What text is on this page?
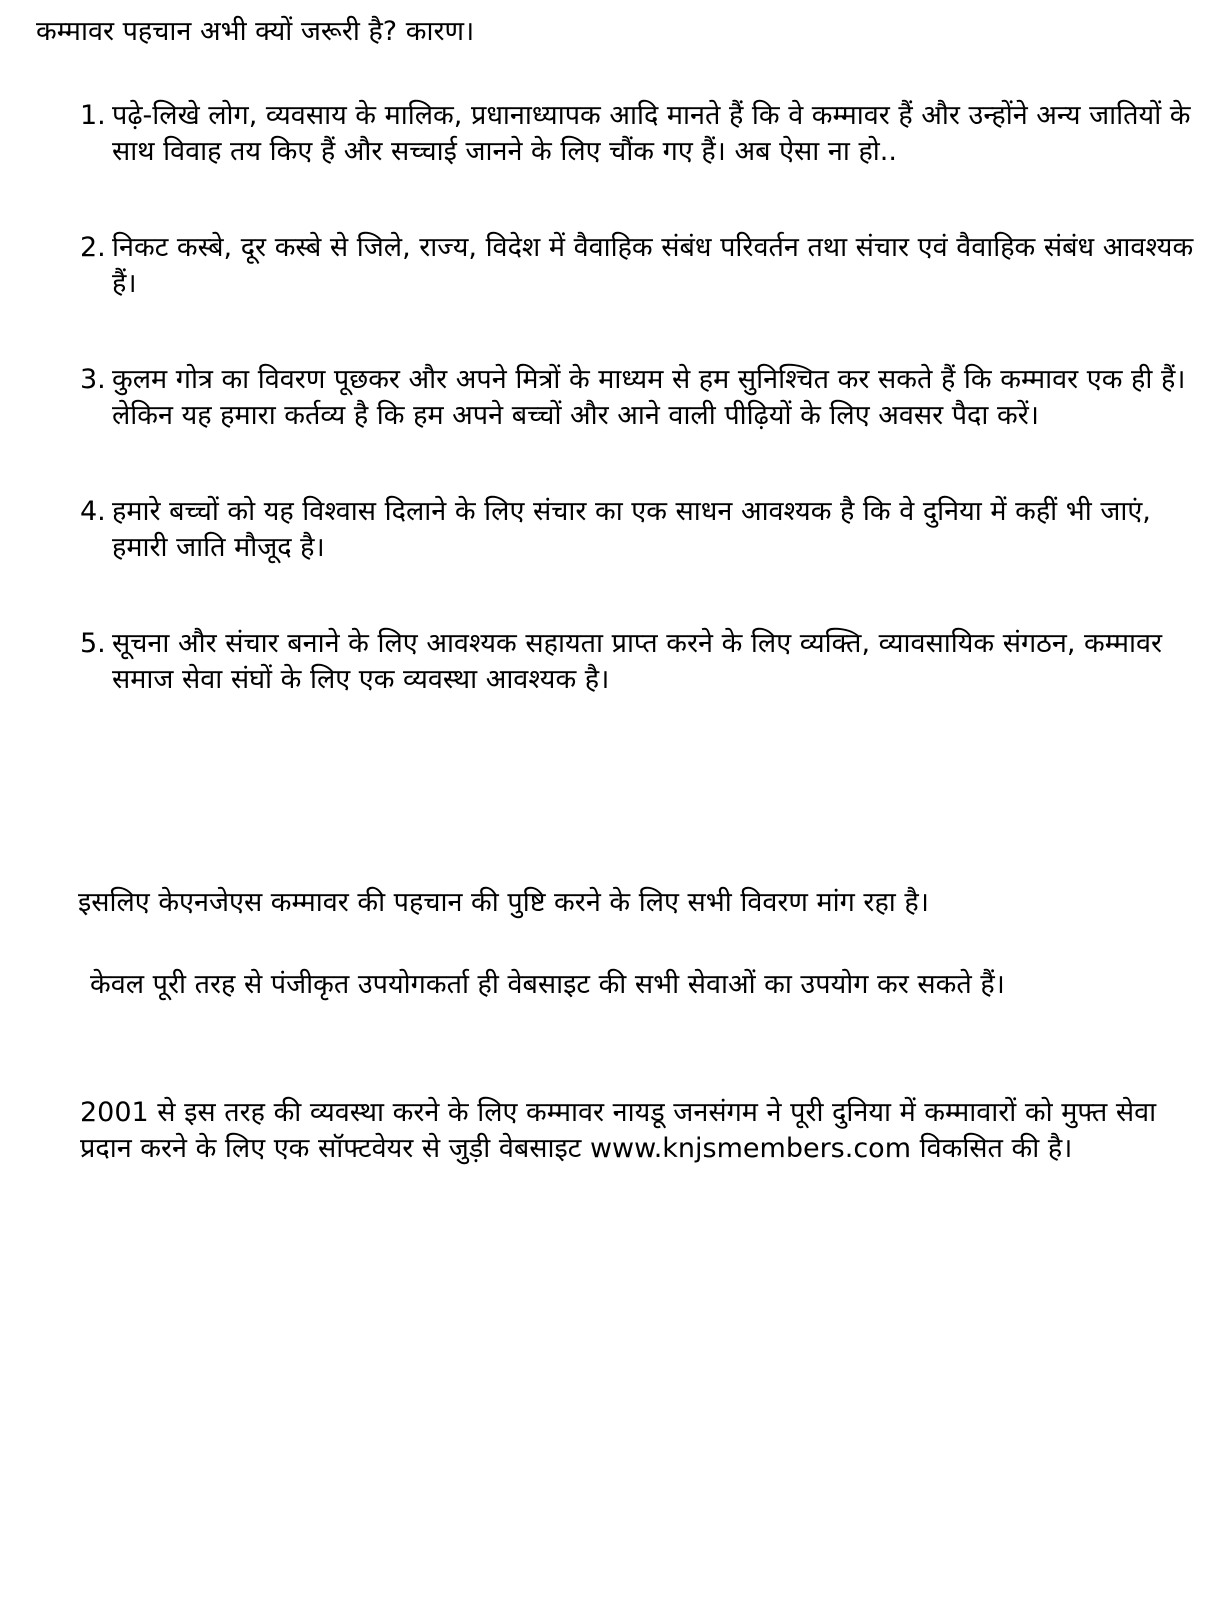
कम्मावर पहचान अभी क्यों जरूरी है? कारण।
1. पढ़े-लिखे लोग, व्यवसाय के मालिक, प्रधानाध्यापक आदि मानते हैं कि वे कम्मावर हैं और उन्होंने अन्य जातियों के साथ विवाह तय किए हैं और सच्चाई जानने के लिए चौंक गए हैं। अब ऐसा ना हो..
2. निकट कस्बे, दूर कस्बे से जिले, राज्य, विदेश में वैवाहिक संबंध परिवर्तन तथा संचार एवं वैवाहिक संबंध आवश्यक हैं।
3. कुलम गोत्र का विवरण पूछकर और अपने मित्रों के माध्यम से हम सुनिश्चित कर सकते हैं कि कम्मावर एक ही हैं। लेकिन यह हमारा कर्तव्य है कि हम अपने बच्चों और आने वाली पीढ़ियों के लिए अवसर पैदा करें।
4. हमारे बच्चों को यह विश्वास दिलाने के लिए संचार का एक साधन आवश्यक है कि वे दुनिया में कहीं भी जाएं, हमारी जाति मौजूद है।
5. सूचना और संचार बनाने के लिए आवश्यक सहायता प्राप्त करने के लिए व्यक्ति, व्यावसायिक संगठन, कम्मावर समाज सेवा संघों के लिए एक व्यवस्था आवश्यक है।

इसलिए केएनजेएस कम्मावर की पहचान की पुष्टि करने के लिए सभी विवरण मांग रहा है।

केवल पूरी तरह से पंजीकृत उपयोगकर्ता ही वेबसाइट की सभी सेवाओं का उपयोग कर सकते हैं।

2001 से इस तरह की व्यवस्था करने के लिए कम्मावर नायडू जनसंगम ने पूरी दुनिया में कम्मावारों को मुफ्त सेवा प्रदान करने के लिए एक सॉफ्टवेयर से जुड़ी वेबसाइट www.knjsmembers.com विकसित की है।
